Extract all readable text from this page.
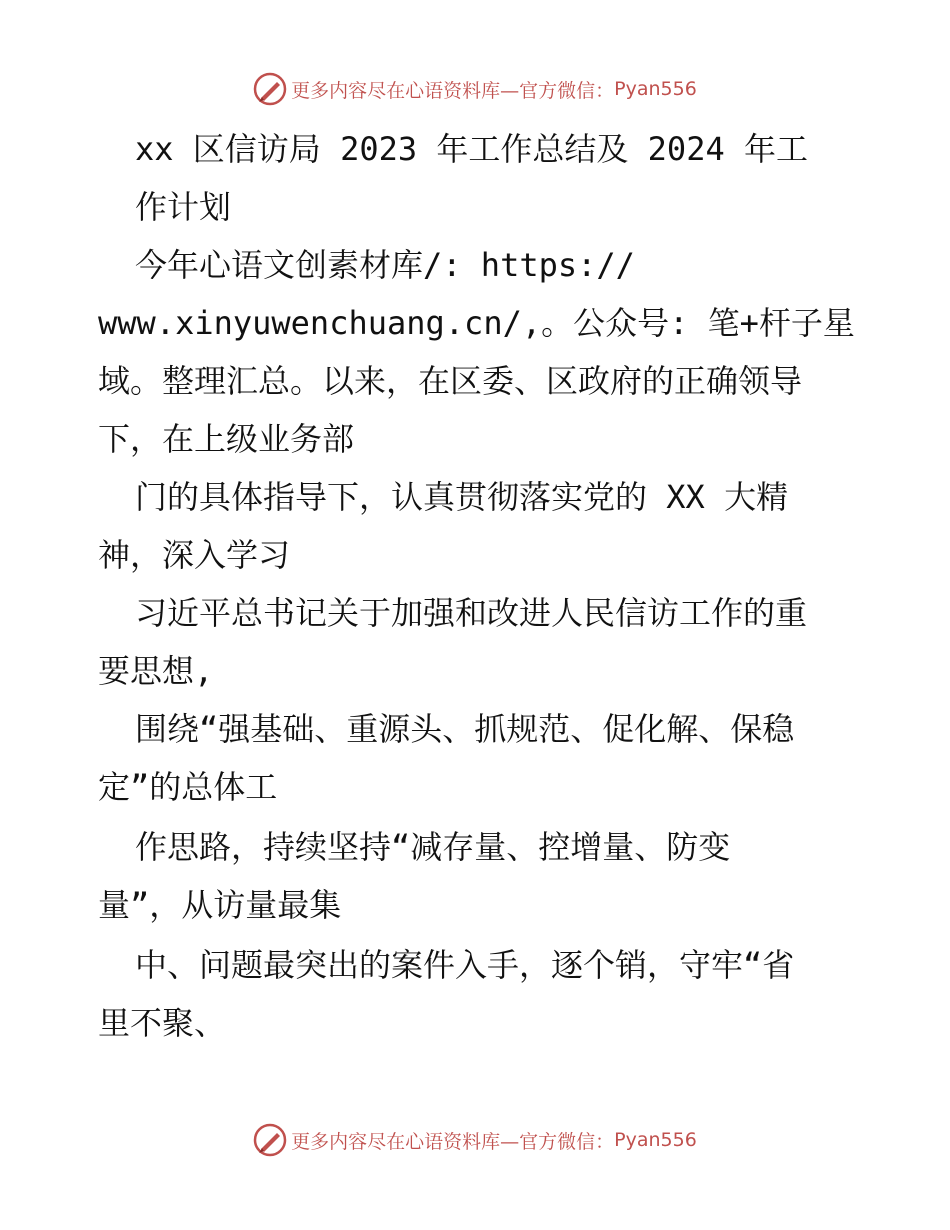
更多内容尽在心语资料库—官方微信： Pyan556
xx 区信访局 2023 年工作总结及 2024 年工
作计划
今年心语文创素材库/: https://
www.xinyuwenchuang.cn/,。公众号: 笔+杆子星
域。整理汇总。以来，在区委、区政府的正确领导
下，在上级业务部
门的具体指导下，认真贯彻落实党的 XX 大精
神，深入学习
习近平总书记关于加强和改进人民信访工作的重
要思想,
围绕“强基础、重源头、抓规范、促化解、保稳
定”的总体工
作思路，持续坚持“减存量、控增量、防变
量”，从访量最集
中、问题最突出的案件入手，逐个销，守牢“省
里不聚、
更多内容尽在心语资料库—官方微信： Pyan556
